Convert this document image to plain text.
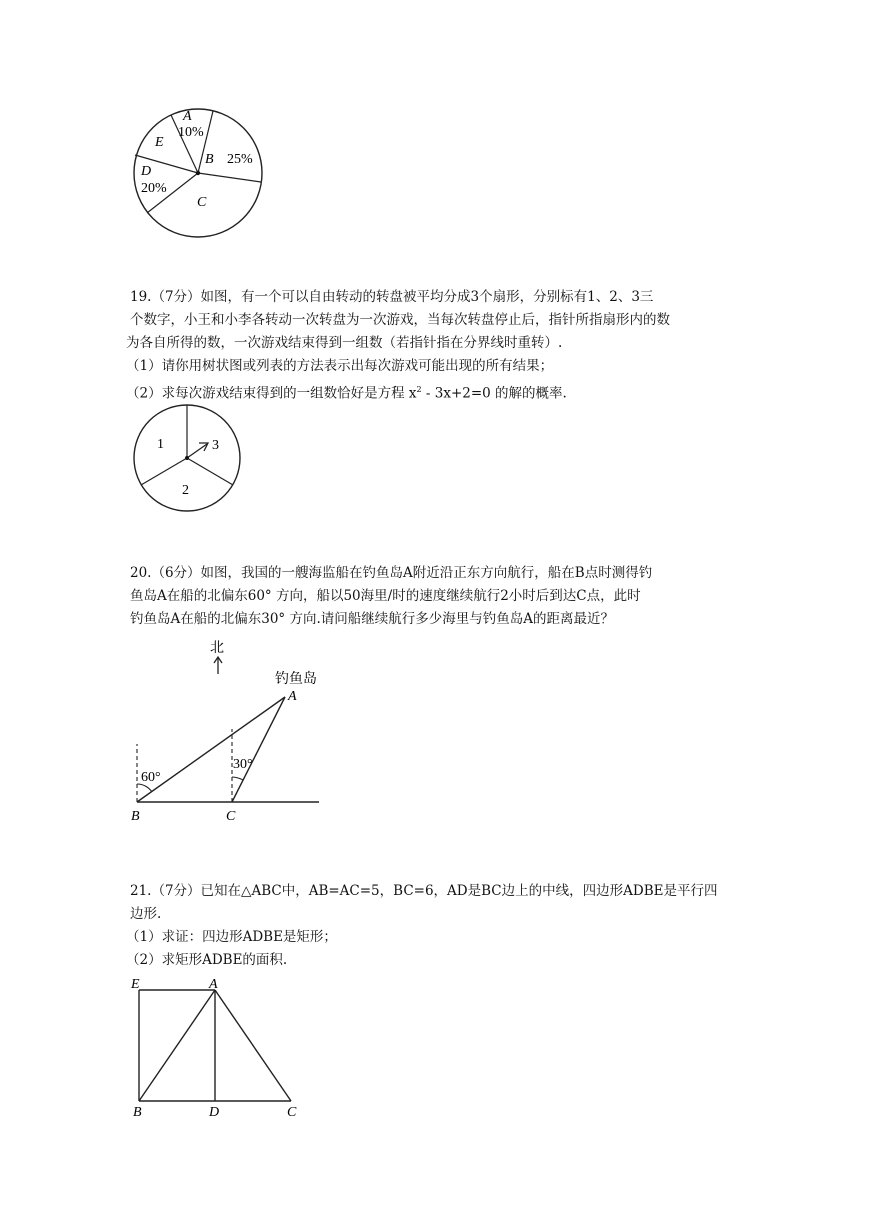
A
10%
E
B 25%
D
20%
C

19.（7分）如图，有一个可以自由转动的转盘被平均分成3个扇形，分别标有1、2、3三

个数字，小王和小李各转动一次转盘为一次游戏，当每次转盘停止后，指针所指扇形内的数

为各自所得的数，一次游戏结束得到一组数（若指针指在分界线时重转）.

（1）请你用树状图或列表的方法表示出每次游戏可能出现的所有结果；

（2）求每次游戏结束得到的一组数恰好是方程 $x^2 - 3x+2=0$ 的解的概率.

1	3
2

20.（6分）如图，我国的一艘海监船在钓鱼岛A附近沿正东方向航行，船在B点时测得钓

鱼岛A在船的北偏东60° 方向，船以50海里/时的速度继续航行2小时后到达C点，此时

钓鱼岛A在船的北偏东30° 方向.请问船继续航行多少海里与钓鱼岛A的距离最近？

北
钓鱼岛
60°
30°
A
B	C

21.（7分）已知在△ABC中，AB=AC=5，BC=6，AD是BC边上的中线，四边形ADBE是平行四

边形.

（1）求证：四边形ADBE是矩形；

（2）求矩形ADBE的面积.

E	A
B	D	C
